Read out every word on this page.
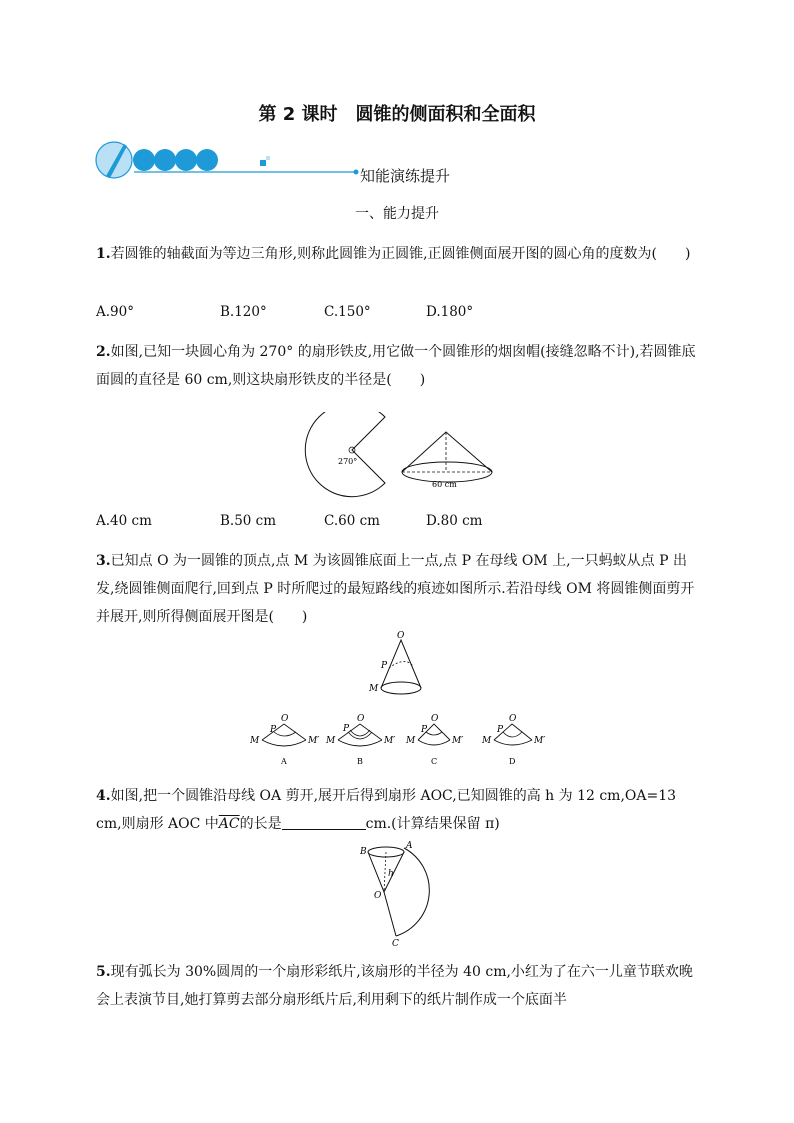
第 2 课时　圆锥的侧面积和全面积
知能演练提升
一、能力提升
1.若圆锥的轴截面为等边三角形,则称此圆锥为正圆锥,正圆锥侧面展开图的圆心角的度数为(　　)
A.90°	B.120°	C.150°	D.180°
2.如图,已知一块圆心角为 270° 的扇形铁皮,用它做一个圆锥形的烟囱帽(接缝忽略不计),若圆锥底面圆的直径是 60 cm,则这块扇形铁皮的半径是(　　)
270°
60 cm
A.40 cm	B.50 cm	C.60 cm	D.80 cm
3.已知点 O 为一圆锥的顶点,点 M 为该圆锥底面上一点,点 P 在母线 OM 上,一只蚂蚁从点 P 出发,绕圆锥侧面爬行,回到点 P 时所爬过的最短路线的痕迹如图所示.若沿母线 OM 将圆锥侧面剪开并展开,则所得侧面展开图是(　　)
O
P
M
M	M′
O
P
A
M	M′
O
P
B
M	M′
O
P
C
M	M′
O
P
D
4.如图,把一个圆锥沿母线 OA 剪开,展开后得到扇形 AOC,已知圆锥的高 h 为 12 cm,OA=13 cm,则扇形 AOC 中$\overline{AC}$的长是	cm.(计算结果保留 π)
B
A
h
O
C
5.现有弧长为 30%圆周的一个扇形彩纸片,该扇形的半径为 40 cm,小红为了在六一儿童节联欢晚会上表演节目,她打算剪去部分扇形纸片后,利用剩下的纸片制作成一个底面半
